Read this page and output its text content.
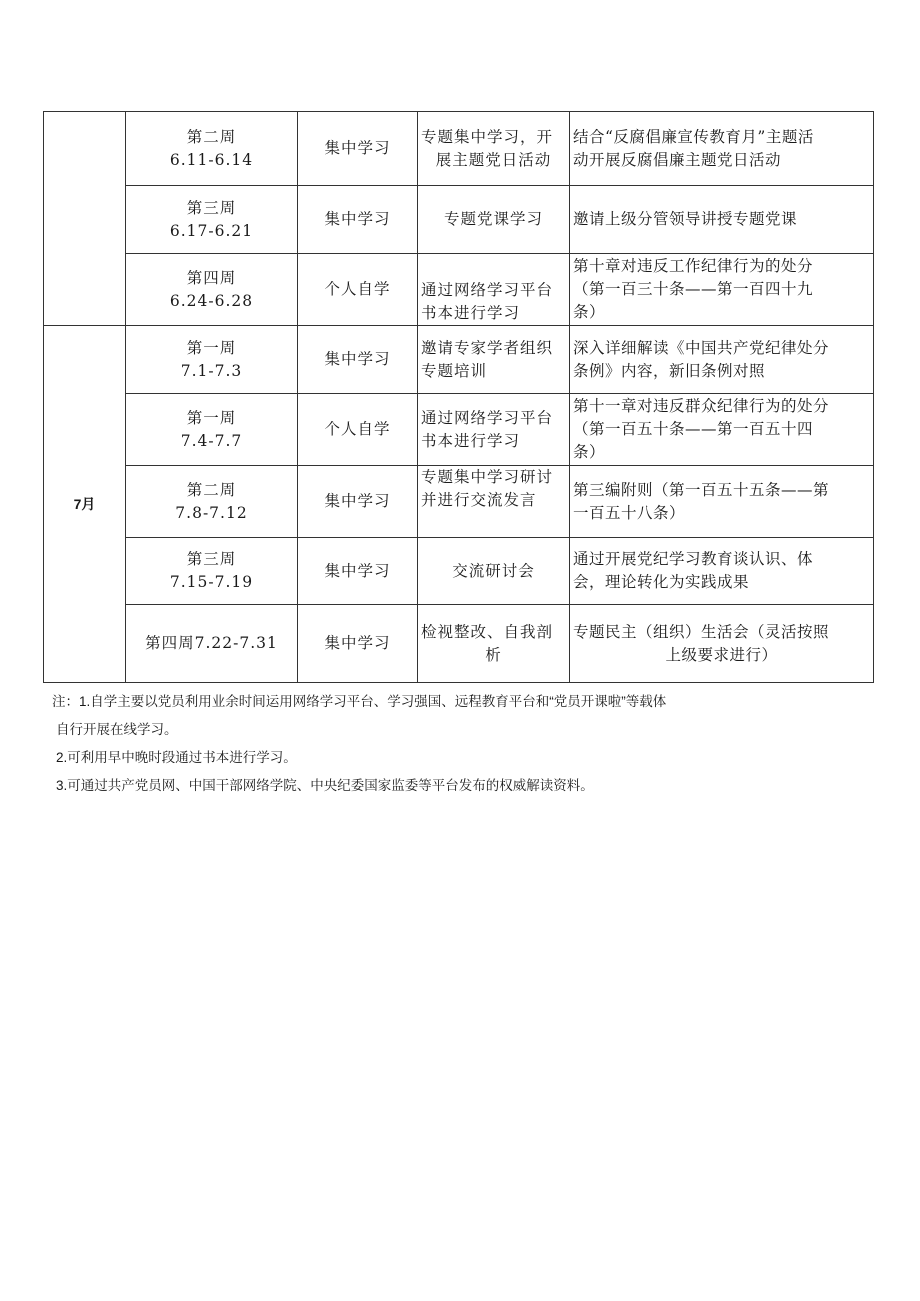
	第二周
6.11-6.14	集中学习	专题集中学习，开
展主题党日活动	结合“反腐倡廉宣传教育月”主题活
动开展反腐倡廉主题党日活动

	第三周
6.17-6.21	集中学习	专题党课学习	邀请上级分管领导讲授专题党课

	第四周
6.24-6.28	个人自学	通过网络学习平台
书本进行学习	第十章对违反工作纪律行为的处分
（第一百三十条——第一百四十九
条）

7月	第一周
7.1-7.3	集中学习	邀请专家学者组织
专题培训	深入详细解读《中国共产党纪律处分
条例》内容，新旧条例对照

	第一周
7.4-7.7	个人自学	通过网络学习平台
书本进行学习	第十一章对违反群众纪律行为的处分
（第一百五十条——第一百五十四
条）

	第二周
7.8-7.12	集中学习	专题集中学习研讨
并进行交流发言	第三编附则（第一百五十五条——第
一百五十八条）

	第三周
7.15-7.19	集中学习	交流研讨会	通过开展党纪学习教育谈认识、体
会，理论转化为实践成果

	第四周7.22-7.31	集中学习	检视整改、自我剖
析	专题民主（组织）生活会（灵活按照
上级要求进行）
注：1.自学主要以党员利用业余时间运用网络学习平台、学习强国、远程教育平台和“党员开课啦”等载体
自行开展在线学习。
2.可利用早中晚时段通过书本进行学习。
3.可通过共产党员网、中国干部网络学院、中央纪委国家监委等平台发布的权威解读资料。
